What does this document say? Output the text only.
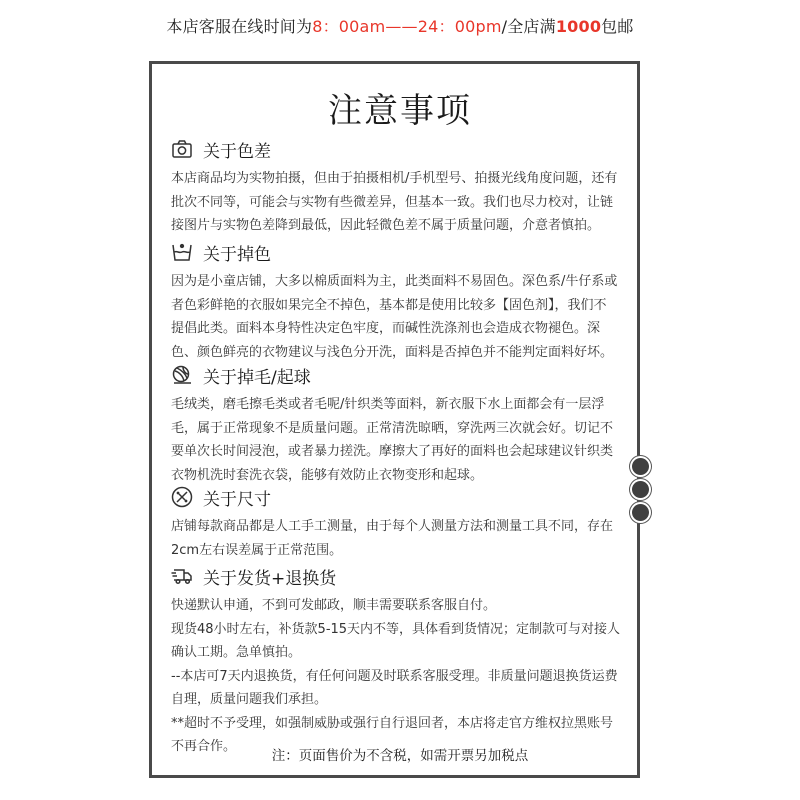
本店客服在线时间为8：00am——24：00pm/全店满1000包邮
注意事项
关于色差

本店商品均为实物拍摄，但由于拍摄相机/手机型号、拍摄光线角度问题，还有

批次不同等，可能会与实物有些微差异，但基本一致。我们也尽力校对，让链

接图片与实物色差降到最低，因此轻微色差不属于质量问题，介意者慎拍。

关于掉色

因为是小童店铺，大多以棉质面料为主，此类面料不易固色。深色系/牛仔系或

者色彩鲜艳的衣服如果完全不掉色，基本都是使用比较多【固色剂】，我们不

提倡此类。面料本身特性决定色牢度，而碱性洗涤剂也会造成衣物褪色。深

色、颜色鲜亮的衣物建议与浅色分开洗，面料是否掉色并不能判定面料好坏。

关于掉毛/起球

毛绒类，磨毛擦毛类或者毛呢/针织类等面料，新衣服下水上面都会有一层浮

毛，属于正常现象不是质量问题。正常清洗晾晒，穿洗两三次就会好。切记不

要单次长时间浸泡，或者暴力搓洗。摩擦大了再好的面料也会起球建议针织类

衣物机洗时套洗衣袋，能够有效防止衣物变形和起球。

关于尺寸

店铺每款商品都是人工手工测量，由于每个人测量方法和测量工具不同，存在

2cm左右误差属于正常范围。

关于发货+退换货

快递默认申通，不到可发邮政，顺丰需要联系客服自付。

现货48小时左右，补货款5-15天内不等，具体看到货情况；定制款可与对接人

确认工期。急单慎拍。

--本店可7天内退换货，有任何问题及时联系客服受理。非质量问题退换货运费

自理，质量问题我们承担。

**超时不予受理，如强制威胁或强行自行退回者，本店将走官方维权拉黑账号

不再合作。

注：页面售价为不含税，如需开票另加税点
